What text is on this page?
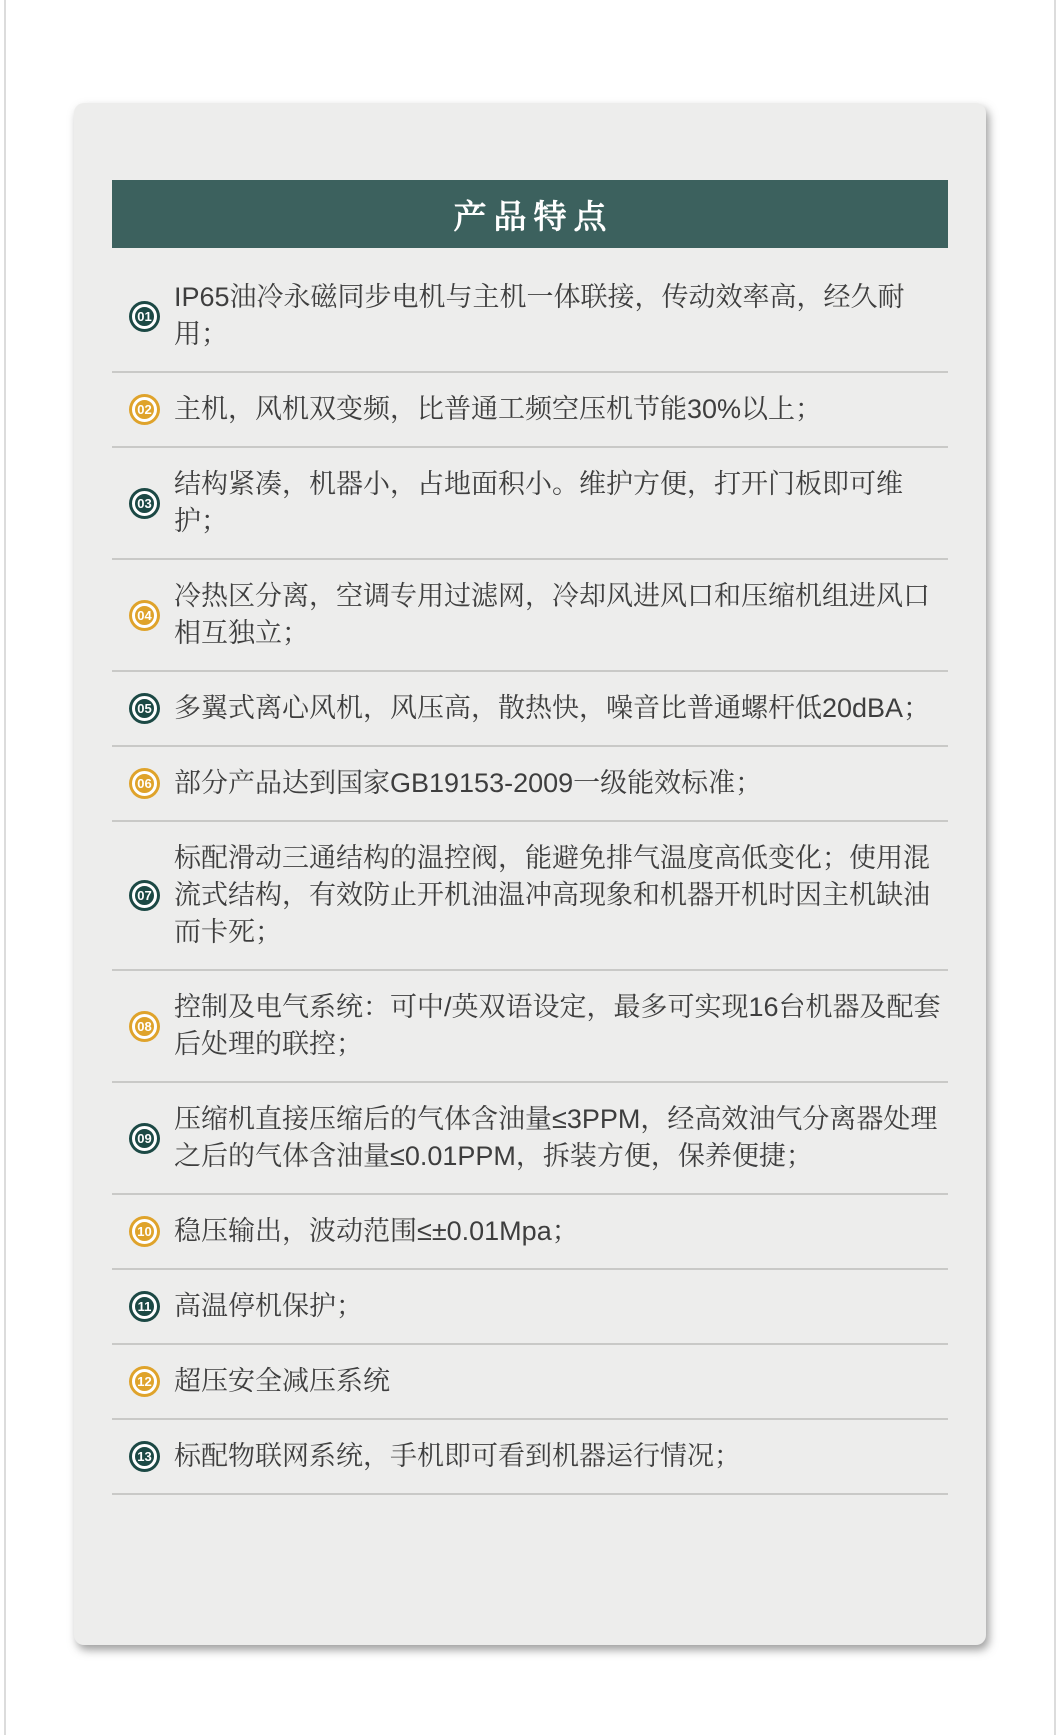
产品特点
01
IP65油冷永磁同步电机与主机一体联接，传动效率高，经久耐用；
02 主机，风机双变频，比普通工频空压机节能30%以上；
03
结构紧凑，机器小，占地面积小。维护方便，打开门板即可维护；
04
冷热区分离，空调专用过滤网，冷却风进风口和压缩机组进风口相互独立；
05 多翼式离心风机，风压高，散热快，噪音比普通螺杆低20dBA；
06 部分产品达到国家GB19153-2009一级能效标准；
07
标配滑动三通结构的温控阀，能避免排气温度高低变化；使用混流式结构，有效防止开机油温冲高现象和机器开机时因主机缺油而卡死；
08
控制及电气系统：可中/英双语设定，最多可实现16台机器及配套后处理的联控；
09
压缩机直接压缩后的气体含油量≤3PPM，经高效油气分离器处理之后的气体含油量≤0.01PPM，拆装方便，保养便捷；
10 稳压输出，波动范围≤±0.01Mpa；
11 高温停机保护；
12 超压安全减压系统
13 标配物联网系统，手机即可看到机器运行情况；
